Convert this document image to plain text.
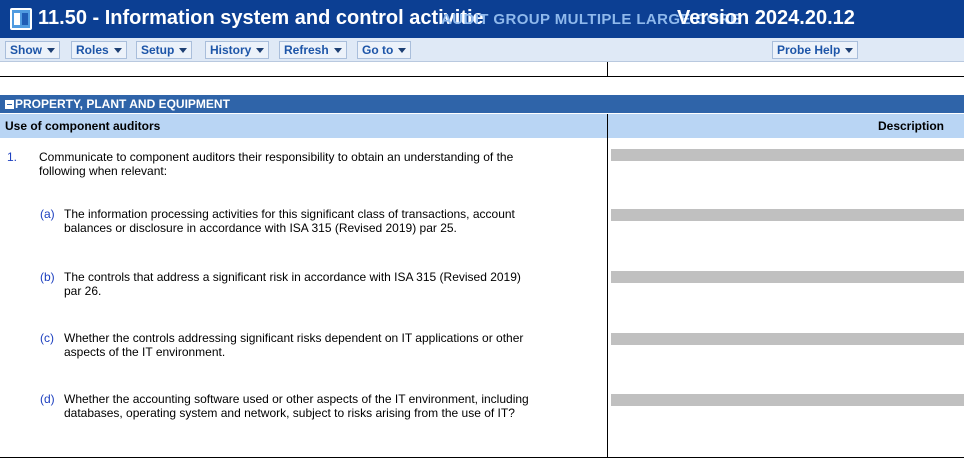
11.50 - Information system and control activitie
AUDIT GROUP MULTIPLE LARGE CORE
Version 2024.20.12
Show	Roles	Setup	History	Refresh	Go to	Probe Help
PROPERTY, PLANT AND EQUIPMENT
Use of component auditors	Description
1. Communicate to component auditors their responsibility to obtain an understanding of the
following when relevant:
(a) The information processing activities for this significant class of transactions, account
balances or disclosure in accordance with ISA 315 (Revised 2019) par 25.
(b) The controls that address a significant risk in accordance with ISA 315 (Revised 2019)
par 26.
(c) Whether the controls addressing significant risks dependent on IT applications or other
aspects of the IT environment.
(d) Whether the accounting software used or other aspects of the IT environment, including
databases, operating system and network, subject to risks arising from the use of IT?
